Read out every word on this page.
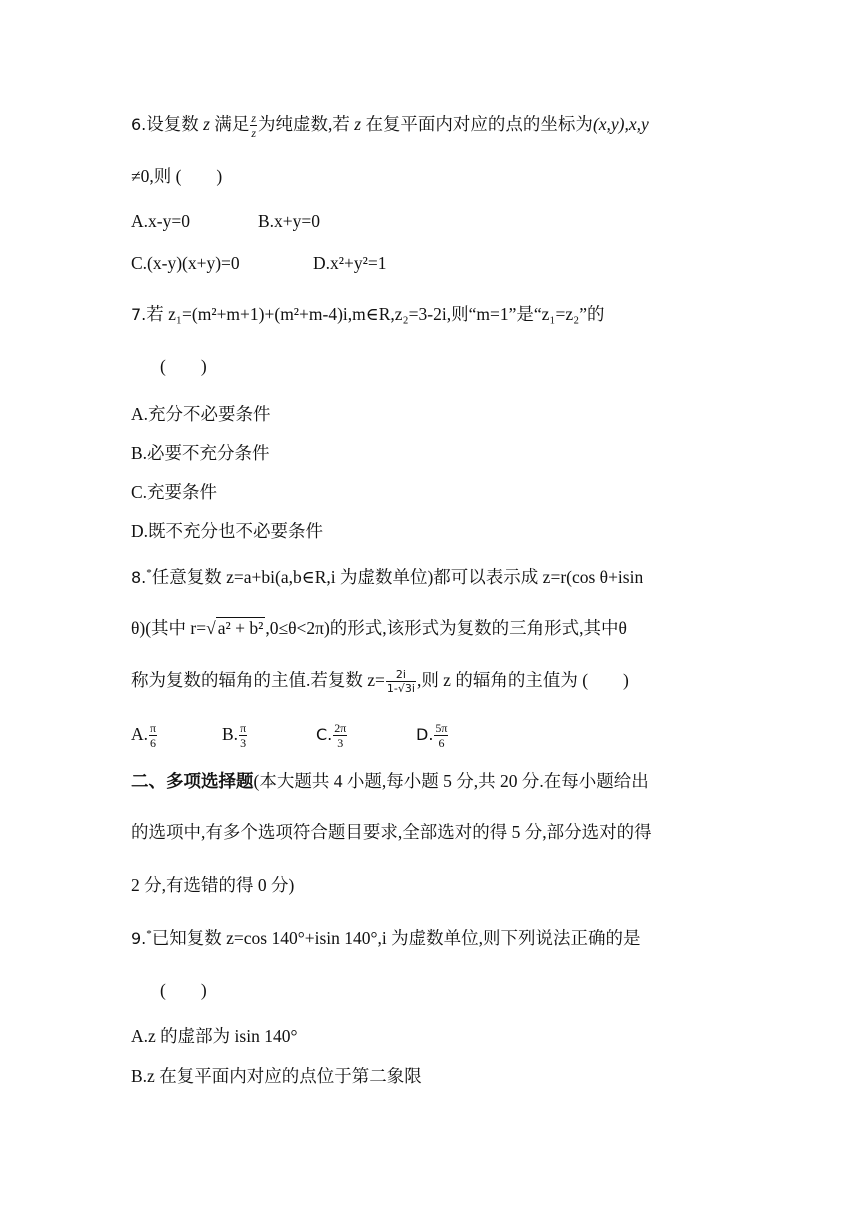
6.设复数 z 满足 $\frac{z}{z}$ 为纯虚数,若 z 在复平面内对应的点的坐标为(x,y),x,y
≠0,则 (　　)
A.x-y=0	B.x+y=0
C.(x-y)(x+y)=0	D.x²+y²=1
7.若 z₁=(m²+m+1)+(m²+m-4)i,m∈R,z₂=3-2i,则“m=1”是“z₁=z₂”的
(　　)
A.充分不必要条件
B.必要不充分条件
C.充要条件
D.既不充分也不必要条件
8.*任意复数 z=a+bi(a,b∈R,i 为虚数单位)都可以表示成 z=r(cos θ+isin
θ)(其中 r=√ a² + b² ,0≤θ<2π)的形式,该形式为复数的三角形式,其中θ
称为复数的辐角的主值.若复数 $z= \frac{2i}{1-√3i}$ ,则 z 的辐角的主值为 (　　)
A. $\frac{\pi}{6}$	B. $\frac{\pi}{3}$	C. $\frac{2\pi}{3}$	D. $\frac{5\pi}{6}$
二、多项选择题(本大题共 4 小题,每小题 5 分,共 20 分.在每小题给出
的选项中,有多个选项符合题目要求,全部选对的得 5 分,部分选对的得
2 分,有选错的得 0 分)
9.*已知复数 z=cos 140°+isin 140°,i 为虚数单位,则下列说法正确的是
(　　)
A.z 的虚部为 isin 140°
B.z 在复平面内对应的点位于第二象限
